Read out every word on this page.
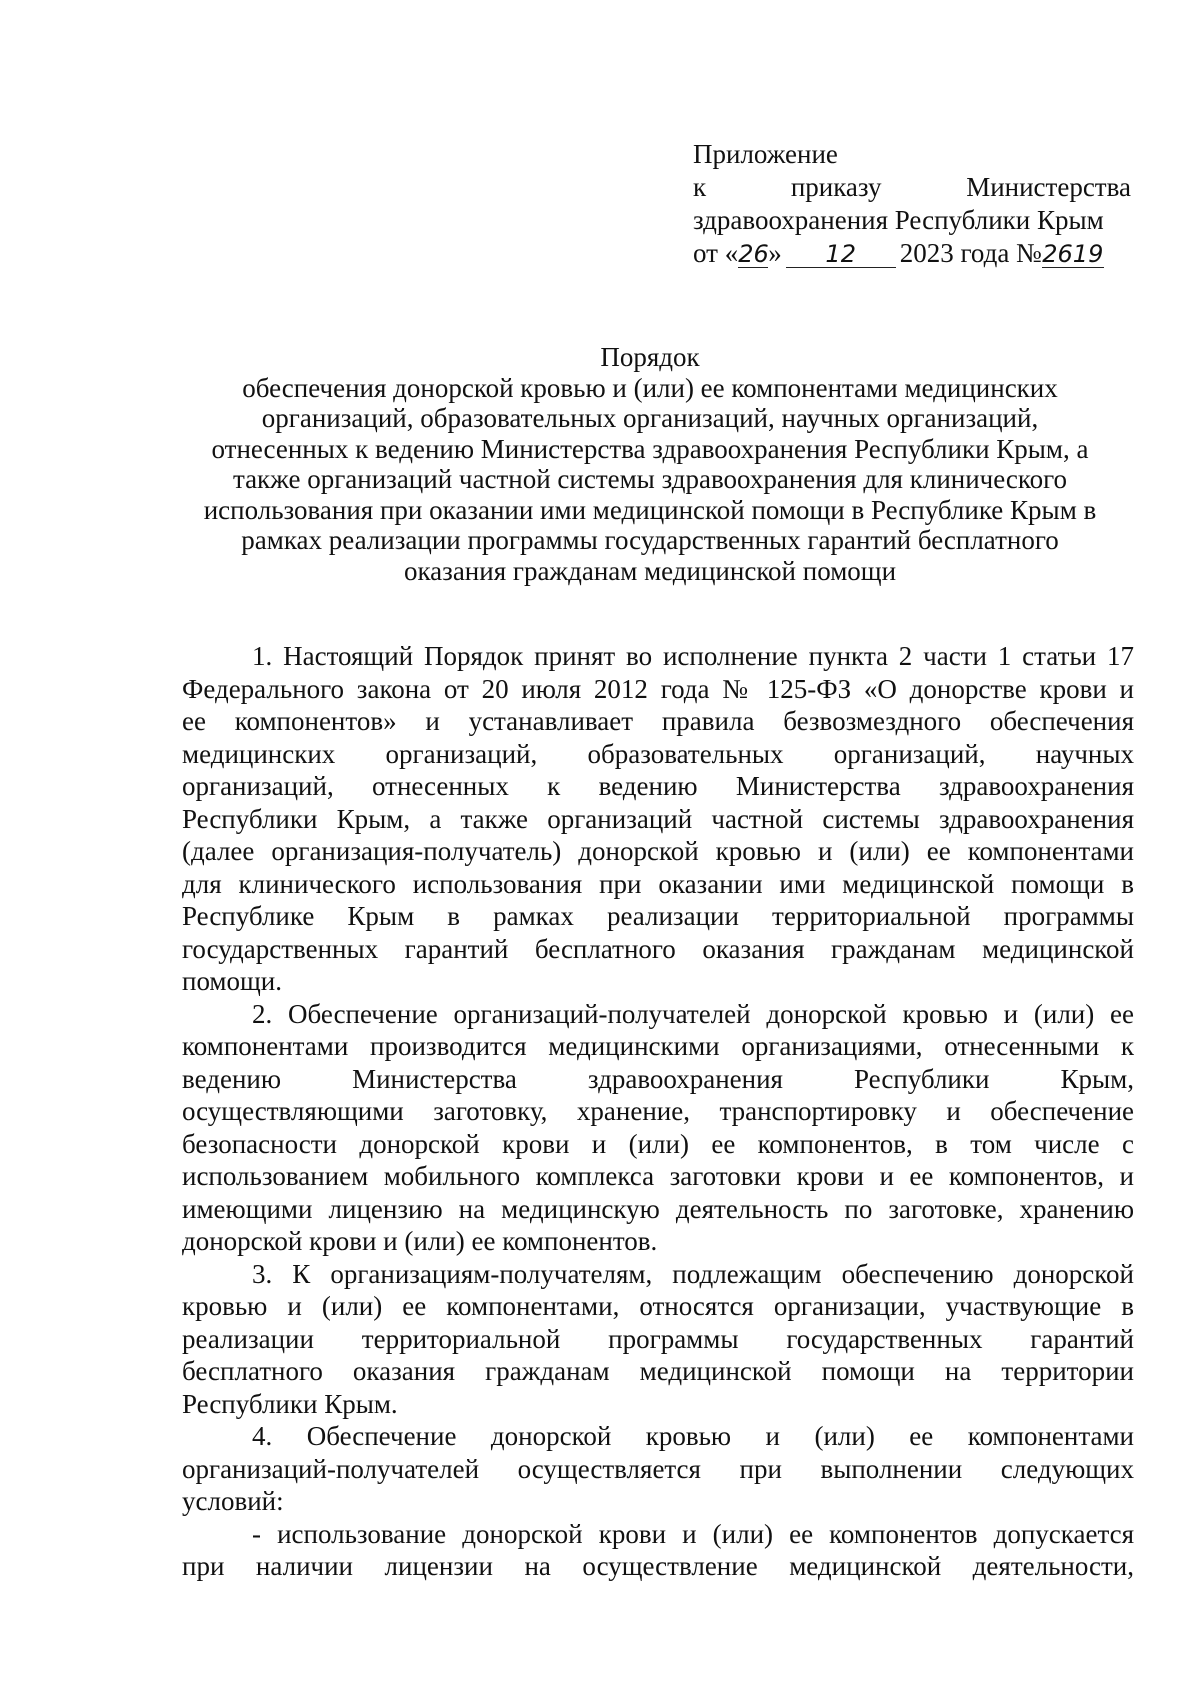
Приложение
к	приказу	Министерства
здравоохранения Республики Крым
от « 26 »	12	2023 года № 2619
Порядок
обеспечения донорской кровью и (или) ее компонентами медицинских
организаций, образовательных организаций, научных организаций,
отнесенных к ведению Министерства здравоохранения Республики Крым, а
также организаций частной системы здравоохранения для клинического
использования при оказании ими медицинской помощи в Республике Крым в
рамках реализации программы государственных гарантий бесплатного
оказания гражданам медицинской помощи
1. Настоящий Порядок принят во исполнение пункта 2 части 1 статьи 17
Федерального закона от 20 июля 2012 года № 125-ФЗ «О донорстве крови и
ее компонентов» и устанавливает правила безвозмездного обеспечения
медицинских организаций, образовательных организаций, научных
организаций, отнесенных к ведению Министерства здравоохранения
Республики Крым, а также организаций частной системы здравоохранения
(далее организация-получатель) донорской кровью и (или) ее компонентами
для клинического использования при оказании ими медицинской помощи в
Республике Крым в рамках реализации территориальной программы
государственных гарантий бесплатного оказания гражданам медицинской
помощи.
2. Обеспечение организаций-получателей донорской кровью и (или) ее
компонентами производится медицинскими организациями, отнесенными к
ведению Министерства здравоохранения Республики Крым,
осуществляющими заготовку, хранение, транспортировку и обеспечение
безопасности донорской крови и (или) ее компонентов, в том числе с
использованием мобильного комплекса заготовки крови и ее компонентов, и
имеющими лицензию на медицинскую деятельность по заготовке, хранению
донорской крови и (или) ее компонентов.
3. К организациям-получателям, подлежащим обеспечению донорской
кровью и (или) ее компонентами, относятся организации, участвующие в
реализации территориальной программы государственных гарантий
бесплатного оказания гражданам медицинской помощи на территории
Республики Крым.
4. Обеспечение донорской кровью и (или) ее компонентами
организаций-получателей осуществляется при выполнении следующих
условий:
- использование донорской крови и (или) ее компонентов допускается
при наличии лицензии на осуществление медицинской деятельности,
